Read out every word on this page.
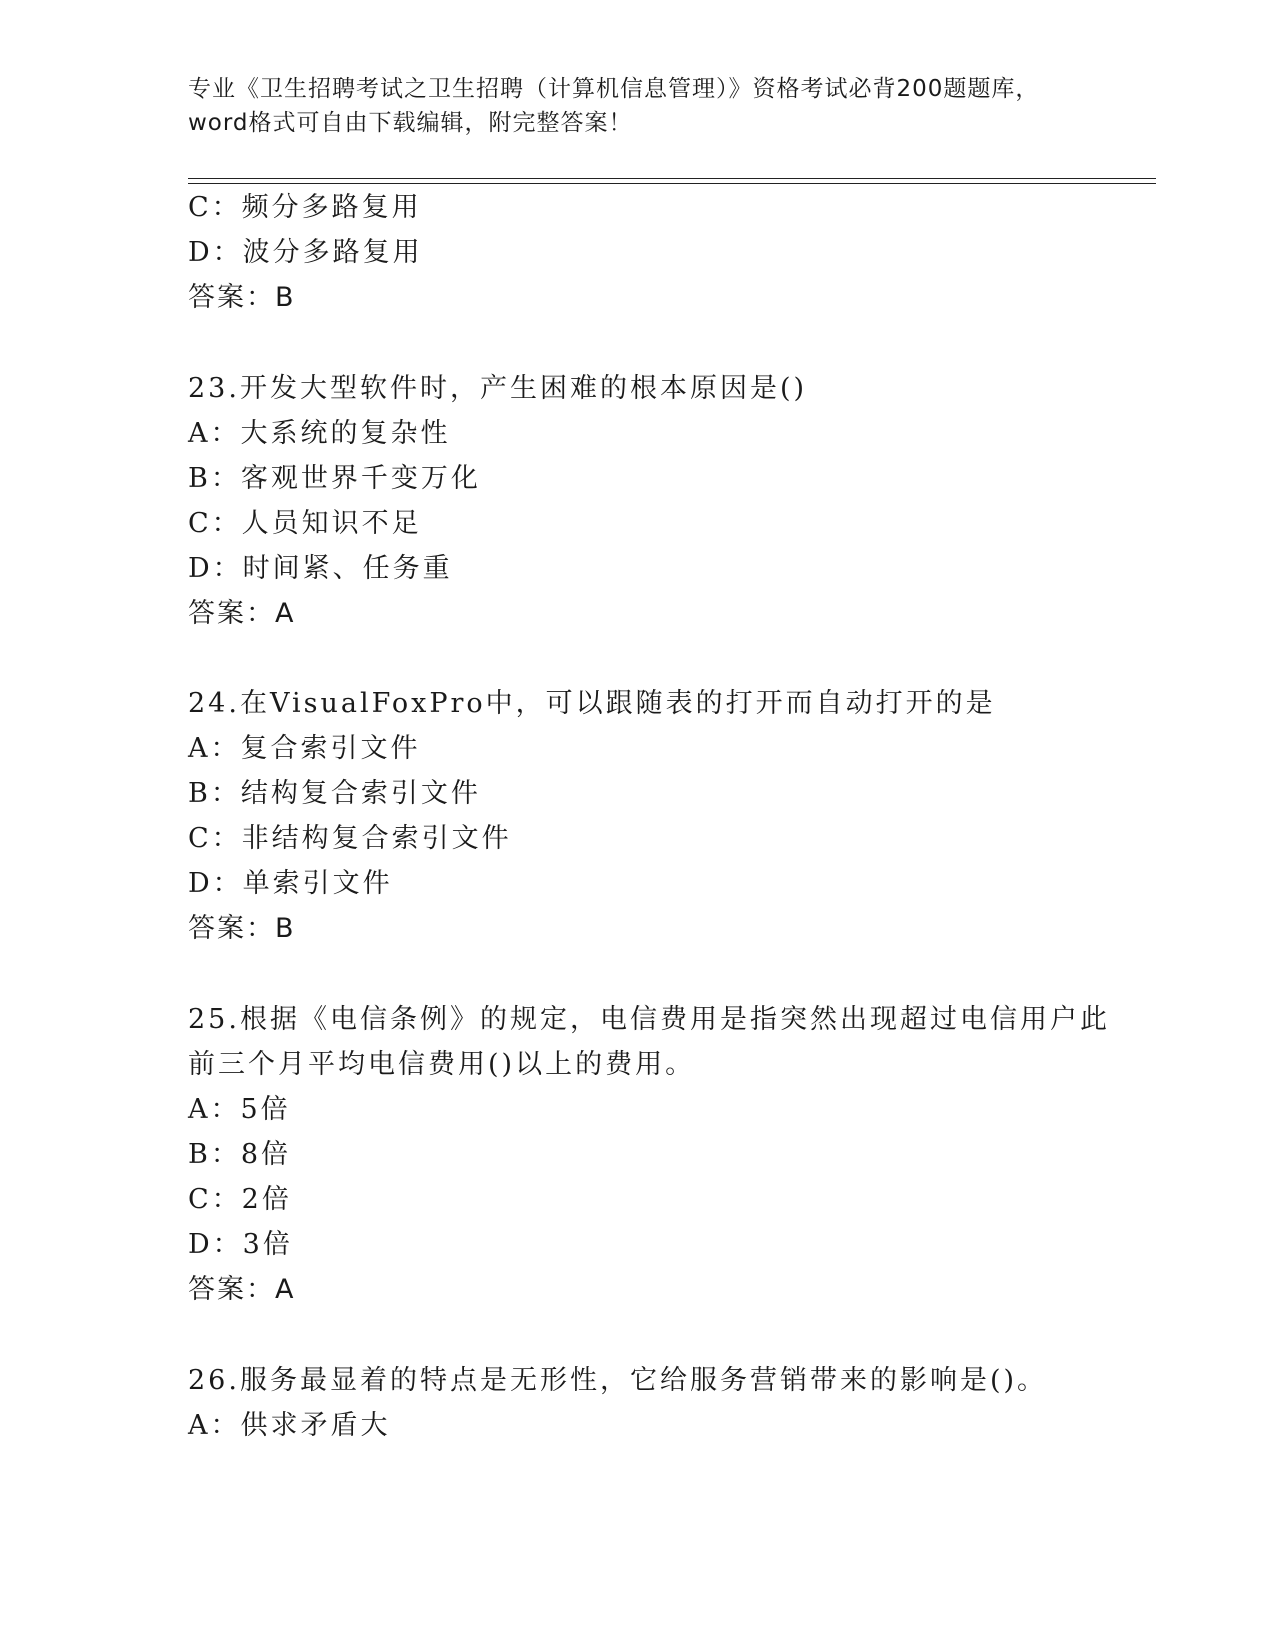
专业《卫生招聘考试之卫生招聘（计算机信息管理）》资格考试必背200题题库，
word格式可自由下载编辑，附完整答案！
C：频分多路复用
D：波分多路复用
答案：B
23.开发大型软件时，产生困难的根本原因是()
A：大系统的复杂性
B：客观世界千变万化
C：人员知识不足
D：时间紧、任务重
答案：A
24.在VisualFoxPro中，可以跟随表的打开而自动打开的是
A：复合索引文件
B：结构复合索引文件
C：非结构复合索引文件
D：单索引文件
答案：B
25.根据《电信条例》的规定，电信费用是指突然出现超过电信用户此
前三个月平均电信费用()以上的费用。
A：5倍
B：8倍
C：2倍
D：3倍
答案：A
26.服务最显着的特点是无形性，它给服务营销带来的影响是()。
A：供求矛盾大
